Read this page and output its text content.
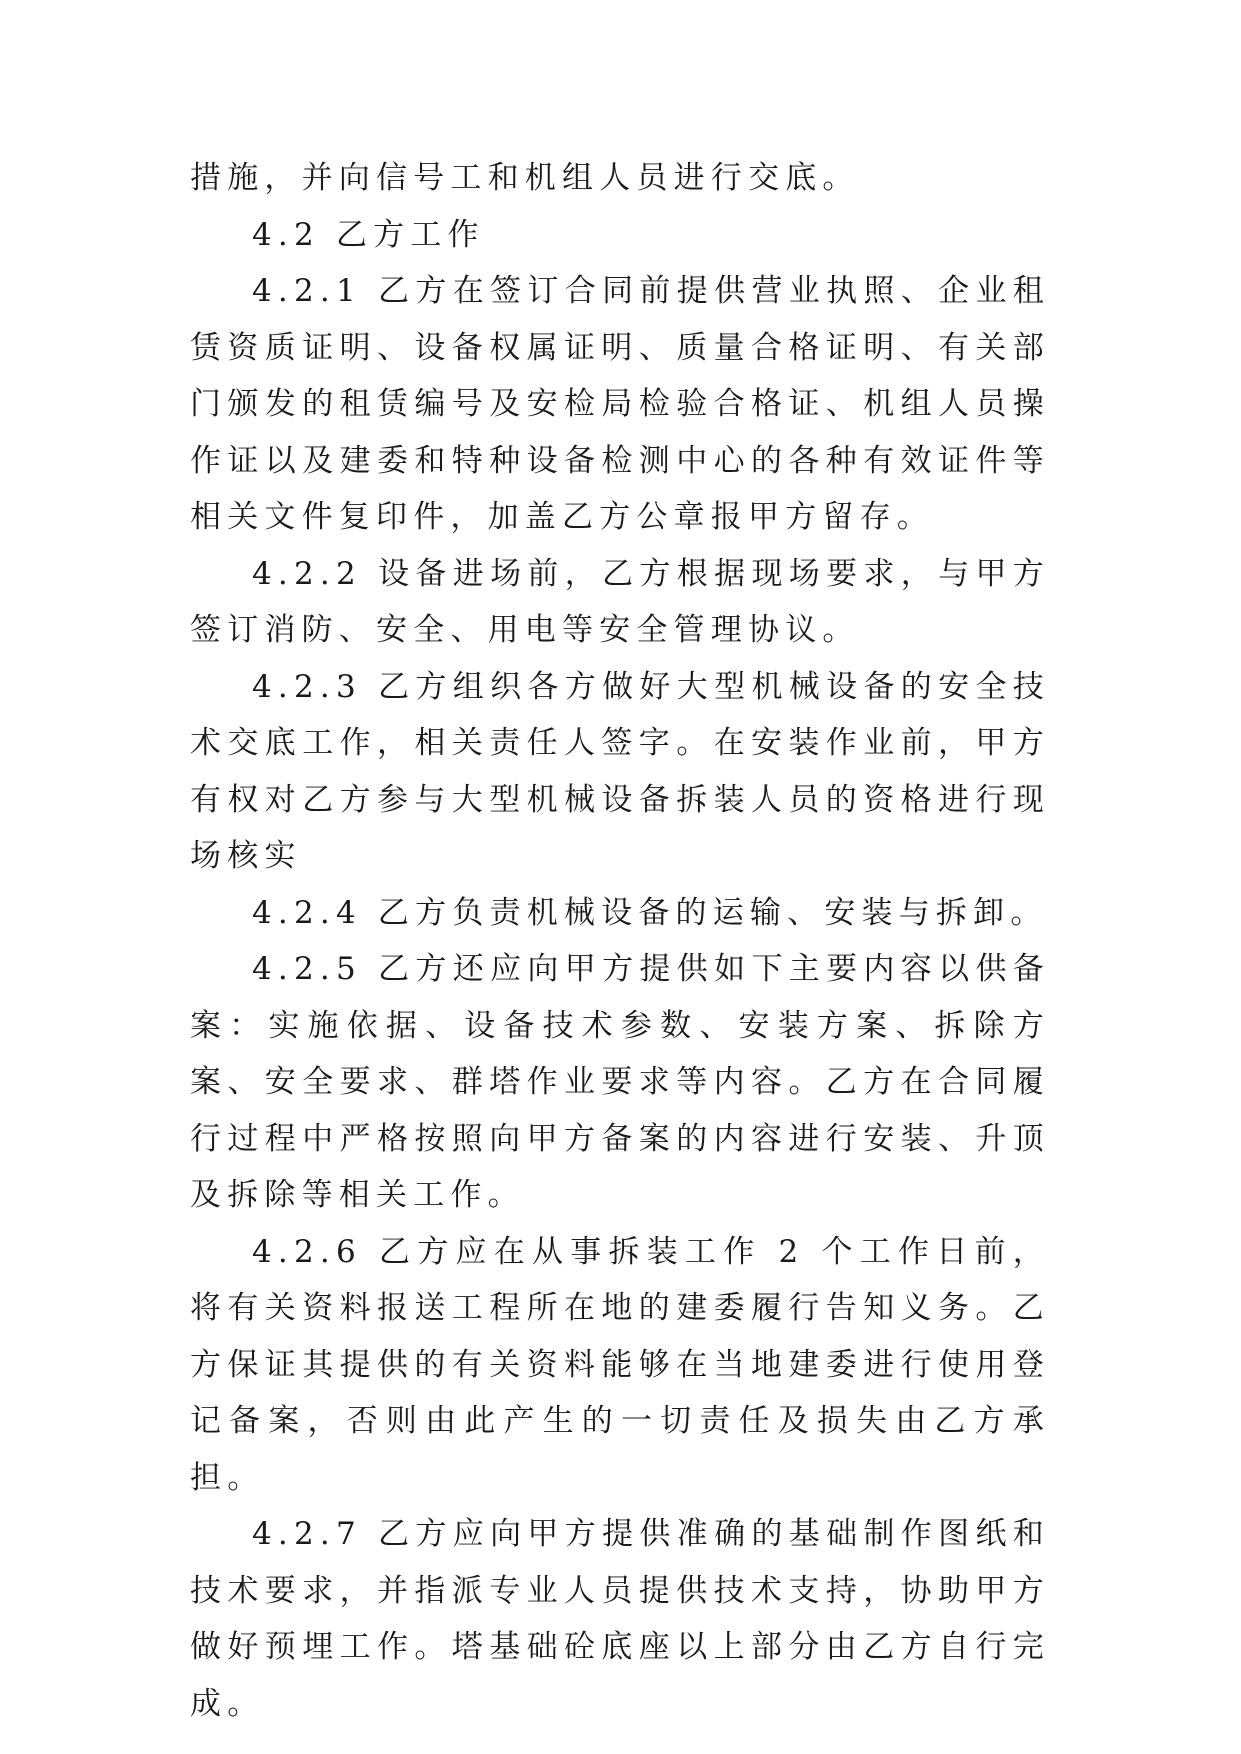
措施，并向信号工和机组人员进行交底。

4.2 乙方工作

4.2.1 乙方在签订合同前提供营业执照、企业租赁资质证明、设备权属证明、质量合格证明、有关部门颁发的租赁编号及安检局检验合格证、机组人员操作证以及建委和特种设备检测中心的各种有效证件等相关文件复印件，加盖乙方公章报甲方留存。

4.2.2 设备进场前，乙方根据现场要求，与甲方签订消防、安全、用电等安全管理协议。

4.2.3 乙方组织各方做好大型机械设备的安全技术交底工作，相关责任人签字。在安装作业前，甲方有权对乙方参与大型机械设备拆装人员的资格进行现场核实

4.2.4 乙方负责机械设备的运输、安装与拆卸。

4.2.5 乙方还应向甲方提供如下主要内容以供备案：实施依据、设备技术参数、安装方案、拆除方案、安全要求、群塔作业要求等内容。乙方在合同履行过程中严格按照向甲方备案的内容进行安装、升顶及拆除等相关工作。

4.2.6 乙方应在从事拆装工作 2 个工作日前，将有关资料报送工程所在地的建委履行告知义务。乙方保证其提供的有关资料能够在当地建委进行使用登记备案，否则由此产生的一切责任及损失由乙方承担。

4.2.7 乙方应向甲方提供准确的基础制作图纸和技术要求，并指派专业人员提供技术支持，协助甲方做好预埋工作。塔基础砼底座以上部分由乙方自行完成。
